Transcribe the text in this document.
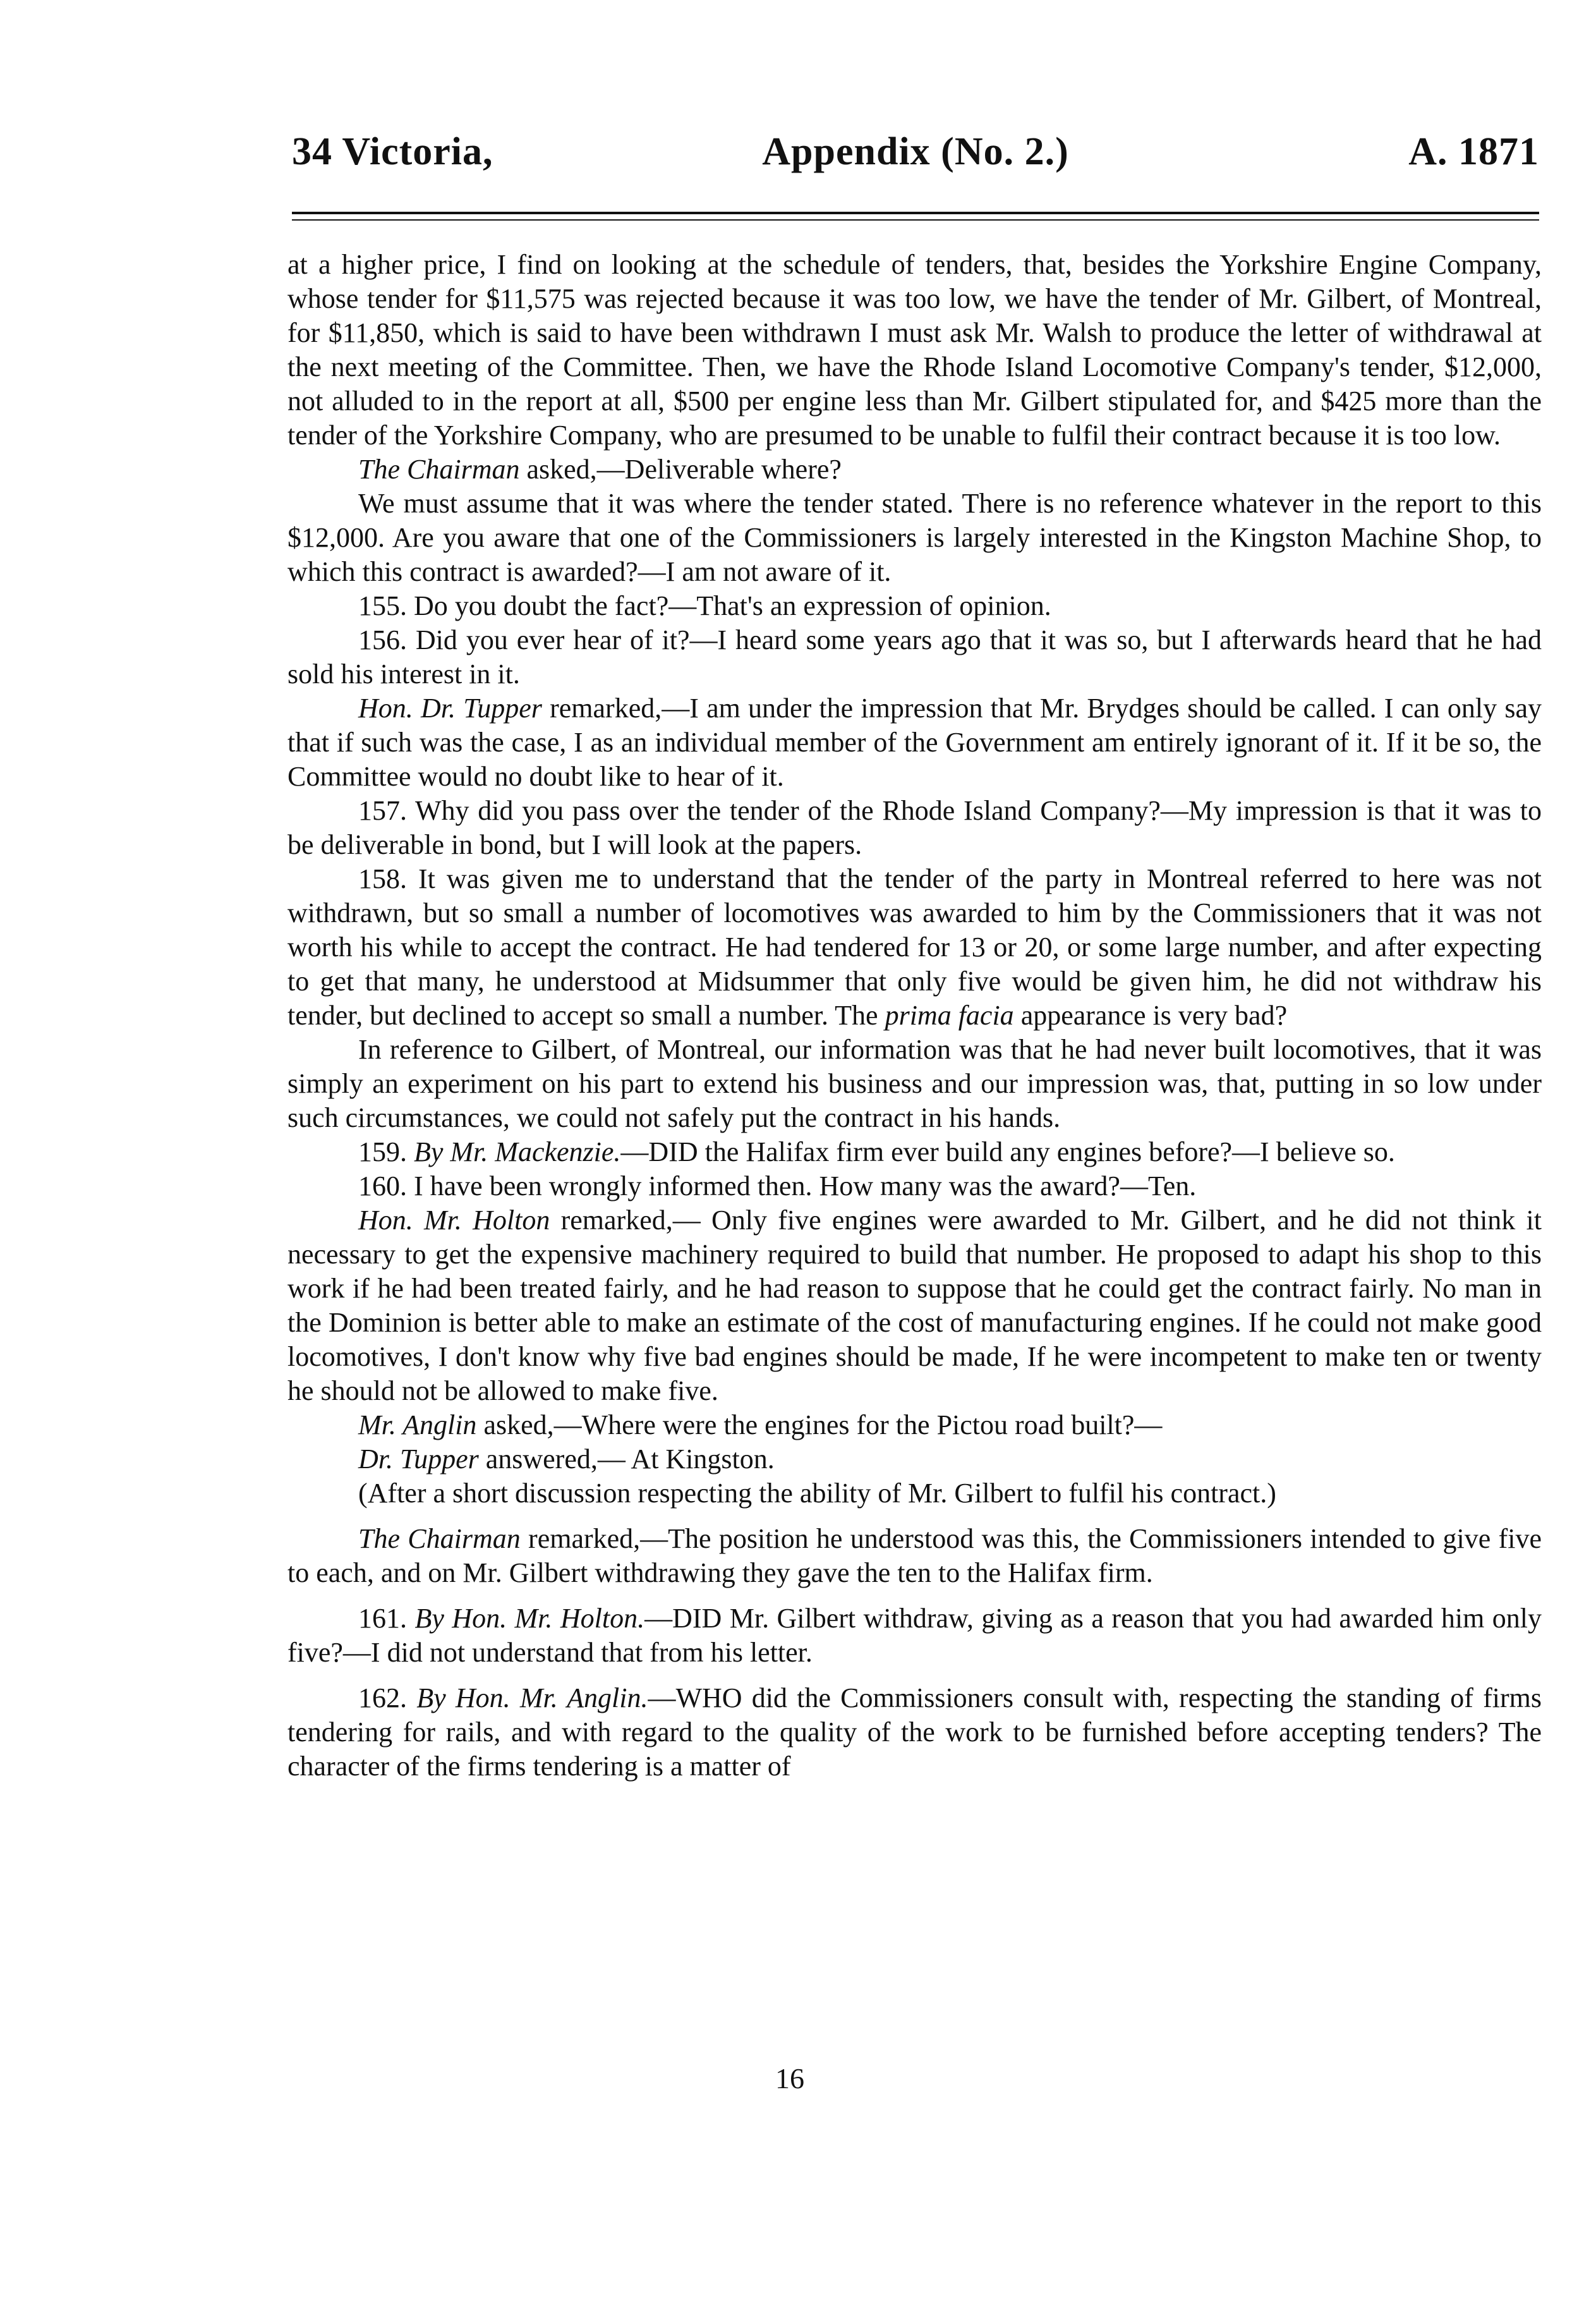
Appendix (No. 2.)
34 Victoria,	A. 1871

at a higher price, I find on looking at the schedule of tenders, that, besides the Yorkshire Engine Company, whose tender for $11,575 was rejected because it was too low, we have the tender of Mr. Gilbert, of Montreal, for $11,850, which is said to have been withdrawn I must ask Mr. Walsh to produce the letter of withdrawal at the next meeting of the Committee. Then, we have the Rhode Island Locomotive Company's tender, $12,000, not alluded to in the report at all, $500 per engine less than Mr. Gilbert stipulated for, and $425 more than the tender of the Yorkshire Company, who are presumed to be unable to fulfil their contract because it is too low.

The Chairman asked,—Deliverable where?

We must assume that it was where the tender stated. There is no reference whatever in the report to this $12,000. Are you aware that one of the Commissioners is largely interested in the Kingston Machine Shop, to which this contract is awarded?—I am not aware of it.

155. Do you doubt the fact?—That's an expression of opinion.

156. Did you ever hear of it?—I heard some years ago that it was so, but I afterwards heard that he had sold his interest in it.

Hon. Dr. Tupper remarked,—I am under the impression that Mr. Brydges should be called. I can only say that if such was the case, I as an individual member of the Government am entirely ignorant of it. If it be so, the Committee would no doubt like to hear of it.

157. Why did you pass over the tender of the Rhode Island Company?—My impression is that it was to be deliverable in bond, but I will look at the papers.

158. It was given me to understand that the tender of the party in Montreal referred to here was not withdrawn, but so small a number of locomotives was awarded to him by the Commissioners that it was not worth his while to accept the contract. He had tendered for 13 or 20, or some large number, and after expecting to get that many, he understood at Midsummer that only five would be given him, he did not withdraw his tender, but declined to accept so small a number. The prima facia appearance is very bad?

In reference to Gilbert, of Montreal, our information was that he had never built locomotives, that it was simply an experiment on his part to extend his business and our impression was, that, putting in so low under such circumstances, we could not safely put the contract in his hands.

159. By Mr. Mackenzie.—DID the Halifax firm ever build any engines before?—I believe so.

160. I have been wrongly informed then. How many was the award?—Ten.

Hon. Mr. Holton remarked,— Only five engines were awarded to Mr. Gilbert, and he did not think it necessary to get the expensive machinery required to build that number. He proposed to adapt his shop to this work if he had been treated fairly, and he had reason to suppose that he could get the contract fairly. No man in the Dominion is better able to make an estimate of the cost of manufacturing engines. If he could not make good locomotives, I don't know why five bad engines should be made, If he were incompetent to make ten or twenty he should not be allowed to make five.

Mr. Anglin asked,—Where were the engines for the Pictou road built?—

Dr. Tupper answered,— At Kingston.

(After a short discussion respecting the ability of Mr. Gilbert to fulfil his contract.)

The Chairman remarked,—The position he understood was this, the Commissioners intended to give five to each, and on Mr. Gilbert withdrawing they gave the ten to the Halifax firm.

161. By Hon. Mr. Holton.—DID Mr. Gilbert withdraw, giving as a reason that you had awarded him only five?—I did not understand that from his letter.

162. By Hon. Mr. Anglin.—WHO did the Commissioners consult with, respecting the standing of firms tendering for rails, and with regard to the quality of the work to be furnished before accepting tenders? The character of the firms tendering is a matter of

16
